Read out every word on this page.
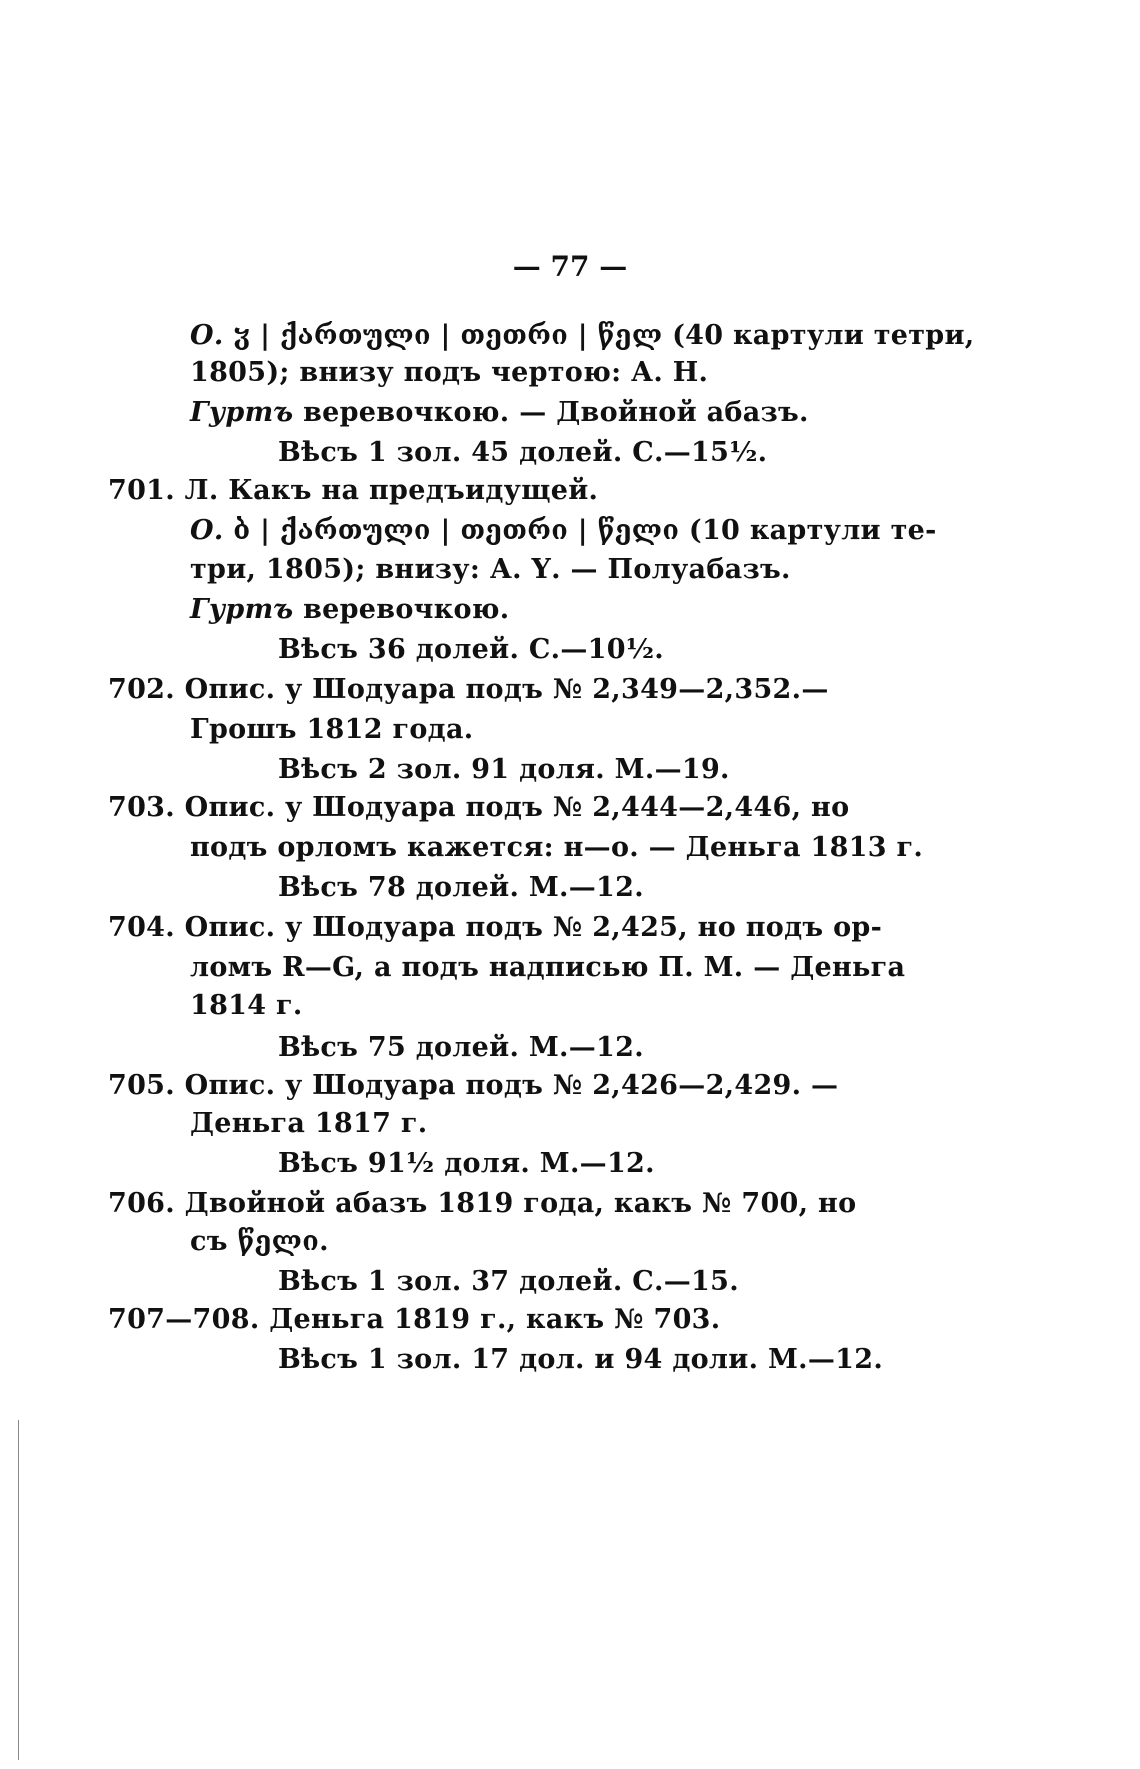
— 77 —
О. ჳ | ქართული | თეთრი | წელ (40 картули тетри,
1805); внизу подъ чертою: А. Н.
Гуртъ веревочкою. — Двойной абазъ.
Вѣсъ 1 зол. 45 долей. С.—15½.
701. Л. Какъ на предъидущей.
О. ბ | ქართული | თეთრი | წელი (10 картули те-
три, 1805); внизу: А. Ү. — Полуабазъ.
Гуртъ веревочкою.
Вѣсъ 36 долей. С.—10½.
702. Опис. у Шодуара подъ № 2,349—2,352.—
Грошъ 1812 года.
Вѣсъ 2 зол. 91 доля. М.—19.
703. Опис. у Шодуара подъ № 2,444—2,446, но
подъ орломъ кажется: н—о. — Деньга 1813 г.
Вѣсъ 78 долей. М.—12.
704. Опис. у Шодуара подъ № 2,425, но подъ ор-
ломъ R—G, а подъ надписью П. М. — Деньга
1814 г.
Вѣсъ 75 долей. М.—12.
705. Опис. у Шодуара подъ № 2,426—2,429. —
Деньга 1817 г.
Вѣсъ 91½ доля. М.—12.
706. Двойной абазъ 1819 года, какъ № 700, но
съ წელი.
Вѣсъ 1 зол. 37 долей. С.—15.
707—708. Деньга 1819 г., какъ № 703.
Вѣсъ 1 зол. 17 дол. и 94 доли. М.—12.
